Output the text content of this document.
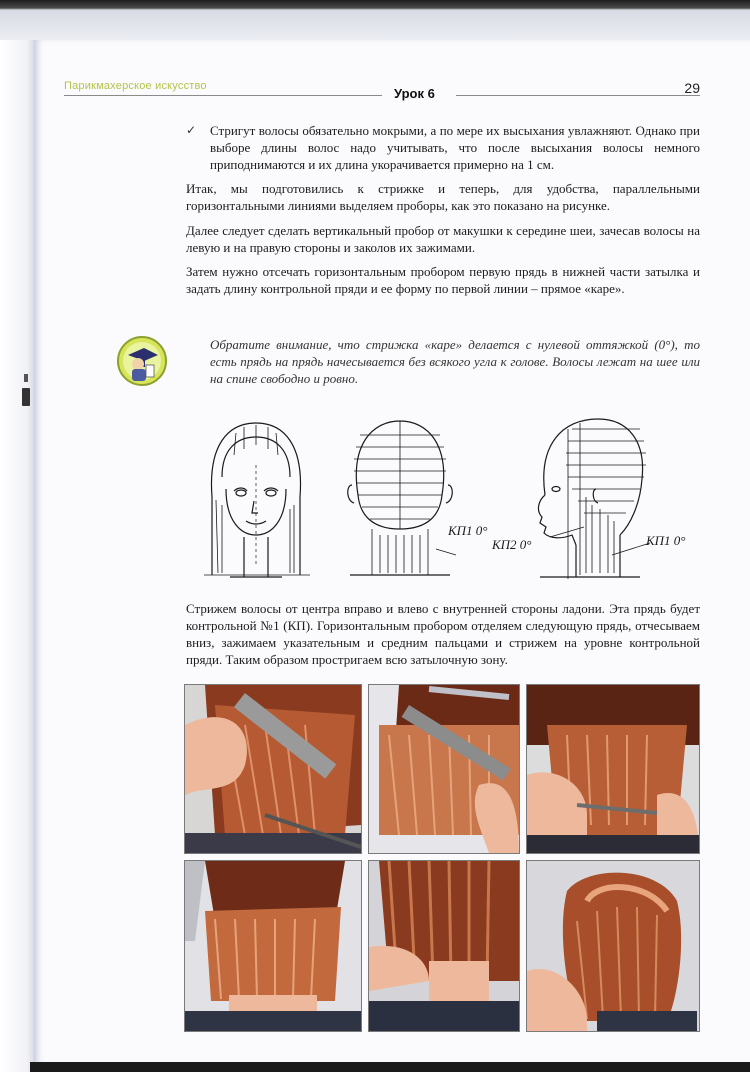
Парикмахерское искусство	Урок 6	29
✓ Стригут волосы обязательно мокрыми, а по мере их высыхания увлажняют. Однако при выборе длины волос надо учитывать, что после высыхания волосы немного приподнимаются и их длина укорачивается примерно на 1 см.

Итак, мы подготовились к стрижке и теперь, для удобства, параллельными горизонтальными линиями выделяем проборы, как это показано на рисунке.

Далее следует сделать вертикальный пробор от макушки к середине шеи, зачесав волосы на левую и на правую стороны и заколов их зажимами.

Затем нужно отсечать горизонтальным пробором первую прядь в нижней части затылка и задать длину контрольной пряди и ее форму по первой линии – прямое «каре».

Обратите внимание, что стрижка «каре» делается с нулевой оттяжкой (0°), то есть прядь на прядь начесывается без всякого угла к голове. Волосы лежат на шее или на спине свободно и ровно.

КП1 0°
КП2 0°	КП1 0°

Стрижем волосы от центра вправо и влево с внутренней стороны ладони. Эта прядь будет контрольной №1 (КП). Горизонтальным пробором отделяем следующую прядь, отчесываем вниз, зажимаем указательным и средним пальцами и стрижем на уровне контрольной пряди. Таким образом простригаем всю затылочную зону.
